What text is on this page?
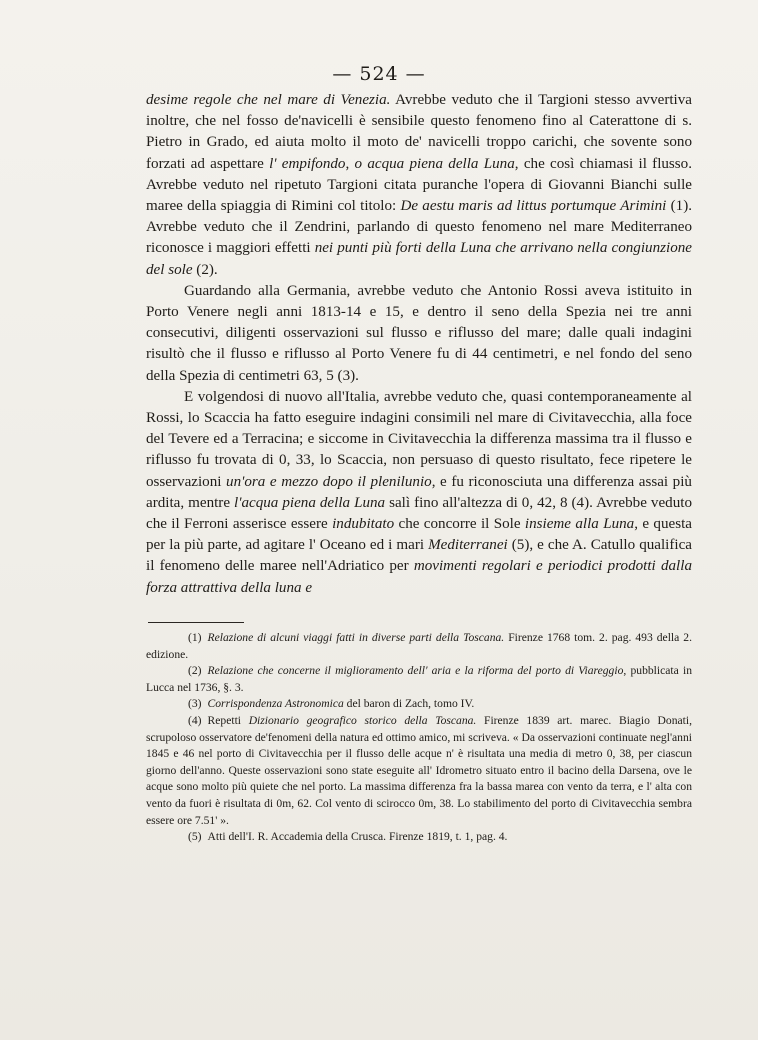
— 524 —

desime regole che nel mare di Venezia. Avrebbe veduto che il Targioni stesso avvertiva inoltre, che nel fosso de'navicelli è sensibile questo fenomeno fino al Caterattone di s. Pietro in Grado, ed aiuta molto il moto de' navicelli troppo carichi, che sovente sono forzati ad aspettare l' empifondo, o acqua piena della Luna, che così chiamasi il flusso. Avrebbe veduto nel ripetuto Targioni citata puranche l'opera di Giovanni Bianchi sulle maree della spiaggia di Rimini col titolo: De aestu maris ad littus portumque Arimini (1). Avrebbe veduto che il Zendrini, parlando di questo fenomeno nel mare Mediterraneo riconosce i maggiori effetti nei punti più forti della Luna che arrivano nella congiunzione del sole (2).

Guardando alla Germania, avrebbe veduto che Antonio Rossi aveva istituito in Porto Venere negli anni 1813-14 e 15, e dentro il seno della Spezia nei tre anni consecutivi, diligenti osservazioni sul flusso e riflusso del mare; dalle quali indagini risultò che il flusso e riflusso al Porto Venere fu di 44 centimetri, e nel fondo del seno della Spezia di centimetri 63, 5 (3).

E volgendosi di nuovo all'Italia, avrebbe veduto che, quasi contemporaneamente al Rossi, lo Scaccia ha fatto eseguire indagini consimili nel mare di Civitavecchia, alla foce del Tevere ed a Terracina; e siccome in Civitavecchia la differenza massima tra il flusso e riflusso fu trovata di 0, 33, lo Scaccia, non persuaso di questo risultato, fece ripetere le osservazioni un'ora e mezzo dopo il plenilunio, e fu riconosciuta una differenza assai più ardita, mentre l'acqua piena della Luna salì fino all'altezza di 0, 42, 8 (4). Avrebbe veduto che il Ferroni asserisce essere indubitato che concorre il Sole insieme alla Luna, e questa per la più parte, ad agitare l' Oceano ed i mari Mediterranei (5), e che A. Catullo qualifica il fenomeno delle maree nell'Adriatico per movimenti regolari e periodici prodotti dalla forza attrattiva della luna e

(1) Relazione di alcuni viaggi fatti in diverse parti della Toscana. Firenze 1768 tom. 2. pag. 493 della 2. edizione.

(2) Relazione che concerne il miglioramento dell' aria e la riforma del porto di Viareggio, pubblicata in Lucca nel 1736, §. 3.

(3) Corrispondenza Astronomica del baron di Zach, tomo IV.

(4) Repetti Dizionario geografico storico della Toscana. Firenze 1839 art. marec. Biagio Donati, scrupoloso osservatore de'fenomeni della natura ed ottimo amico, mi scriveva. « Da osservazioni continuate negl'anni 1845 e 46 nel porto di Civitavecchia per il flusso delle acque n' è risultata una media di metro 0, 38, per ciascun giorno dell'anno. Queste osservazioni sono state eseguite all' Idrometro situato entro il bacino della Darsena, ove le acque sono molto più quiete che nel porto. La massima differenza fra la bassa marea con vento da terra, e l' alta con vento da fuori è risultata di 0m, 62. Col vento di scirocco 0m, 38. Lo stabilimento del porto di Civitavecchia sembra essere ore 7.51' ».

(5) Atti dell'I. R. Accademia della Crusca. Firenze 1819, t. 1, pag. 4.
